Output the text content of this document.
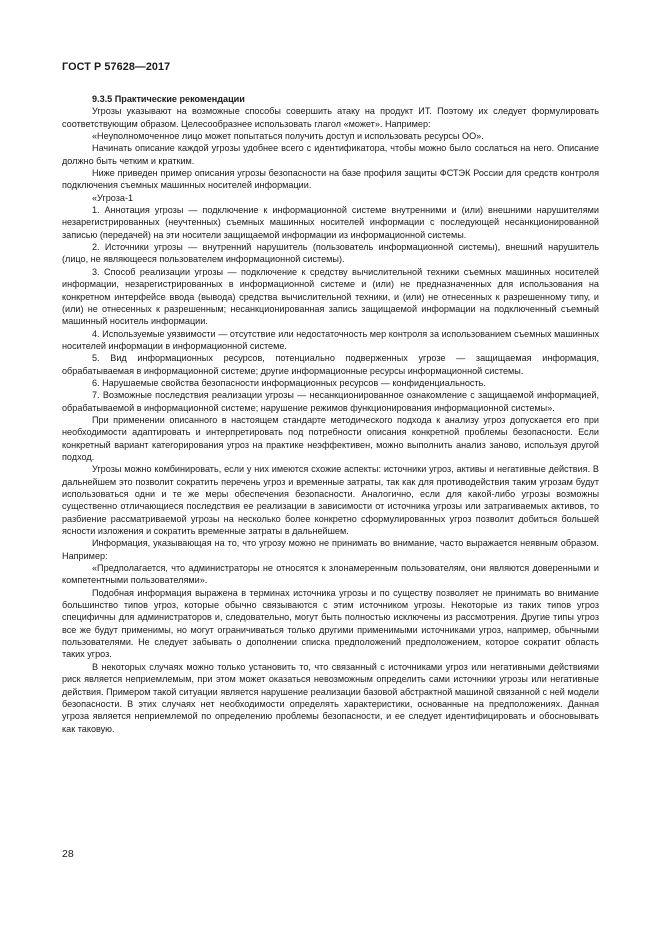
ГОСТ Р 57628—2017

9.3.5 Практические рекомендации

Угрозы указывают на возможные способы совершить атаку на продукт ИТ. Поэтому их следует формулировать соответствующим образом. Целесообразнее использовать глагол «может». Например:

«Неуполномоченное лицо может попытаться получить доступ и использовать ресурсы ОО».

Начинать описание каждой угрозы удобнее всего с идентификатора, чтобы можно было сослаться на него. Описание должно быть четким и кратким.

Ниже приведен пример описания угрозы безопасности на базе профиля защиты ФСТЭК России для средств контроля подключения съемных машинных носителей информации.

«Угроза-1

1. Аннотация угрозы — подключение к информационной системе внутренними и (или) внешними нарушителями незарегистрированных (неучтенных) съемных машинных носителей информации с последующей несанкционированной записью (передачей) на эти носители защищаемой информации из информационной системы.

2. Источники угрозы — внутренний нарушитель (пользователь информационной системы), внешний нарушитель (лицо, не являющееся пользователем информационной системы).

3. Способ реализации угрозы — подключение к средству вычислительной техники съемных машинных носителей информации, незарегистрированных в информационной системе и (или) не предназначенных для использования на конкретном интерфейсе ввода (вывода) средства вычислительной техники, и (или) не отнесенных к разрешенному типу, и (или) не отнесенных к разрешенным; несанкционированная запись защищаемой информации на подключенный съемный машинный носитель информации.

4. Используемые уязвимости — отсутствие или недостаточность мер контроля за использованием съемных машинных носителей информации в информационной системе.

5. Вид информационных ресурсов, потенциально подверженных угрозе — защищаемая информация, обрабатываемая в информационной системе; другие информационные ресурсы информационной системы.

6. Нарушаемые свойства безопасности информационных ресурсов — конфиденциальность.

7. Возможные последствия реализации угрозы — несанкционированное ознакомление с защищаемой информацией, обрабатываемой в информационной системе; нарушение режимов функционирования информационной системы».

При применении описанного в настоящем стандарте методического подхода к анализу угроз допускается его при необходимости адаптировать и интерпретировать под потребности описания конкретной проблемы безопасности. Если конкретный вариант категорирования угроз на практике неэффективен, можно выполнить анализ заново, используя другой подход.

Угрозы можно комбинировать, если у них имеются схожие аспекты: источники угроз, активы и негативные действия. В дальнейшем это позволит сократить перечень угроз и временные затраты, так как для противодействия таким угрозам будут использоваться одни и те же меры обеспечения безопасности. Аналогично, если для какой-либо угрозы возможны существенно отличающиеся последствия ее реализации в зависимости от источника угрозы или затрагиваемых активов, то разбиение рассматриваемой угрозы на несколько более конкретно сформулированных угроз позволит добиться большей ясности изложения и сократить временные затраты в дальнейшем.

Информация, указывающая на то, что угрозу можно не принимать во внимание, часто выражается неявным образом. Например:

«Предполагается, что администраторы не относятся к злонамеренным пользователям, они являются доверенными и компетентными пользователями».

Подобная информация выражена в терминах источника угрозы и по существу позволяет не принимать во внимание большинство типов угроз, которые обычно связываются с этим источником угрозы. Некоторые из таких типов угроз специфичны для администраторов и, следовательно, могут быть полностью исключены из рассмотрения. Другие типы угроз все же будут применимы, но могут ограничиваться только другими применимыми источниками угроз, например, обычными пользователями. Не следует забывать о дополнении списка предположений предположением, которое сократит область таких угроз.

В некоторых случаях можно только установить то, что связанный с источниками угроз или негативными действиями риск является неприемлемым, при этом может оказаться невозможным определить сами источники угрозы или негативные действия. Примером такой ситуации является нарушение реализации базовой абстрактной машиной связанной с ней модели безопасности. В этих случаях нет необходимости определять характеристики, основанные на предположениях. Данная угроза является неприемлемой по определению проблемы безопасности, и ее следует идентифицировать и обосновывать как таковую.

28
